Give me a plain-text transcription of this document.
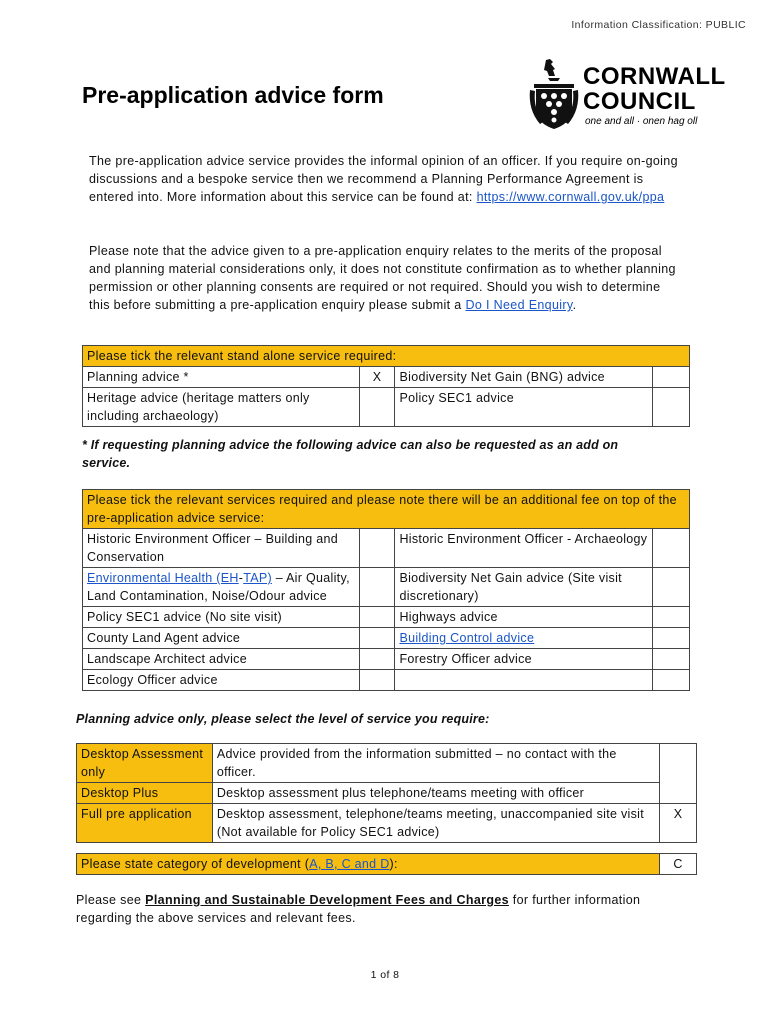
Information Classification: PUBLIC
Pre-application advice form
CORNWALL
COUNCIL
one and all · onen hag oll

The pre-application advice service provides the informal opinion of an officer. If you require on-going discussions and a bespoke service then we recommend a Planning Performance Agreement is entered into. More information about this service can be found at: https://www.cornwall.gov.uk/ppa

Please note that the advice given to a pre-application enquiry relates to the merits of the proposal and planning material considerations only, it does not constitute confirmation as to whether planning permission or other planning consents are required or not required. Should you wish to determine this before submitting a pre-application enquiry please submit a Do I Need Enquiry.

Please tick the relevant stand alone service required:			
Planning advice *	X	Biodiversity Net Gain (BNG) advice	
Heritage advice (heritage matters only including archaeology)		Policy SEC1 advice	

* If requesting planning advice the following advice can also be requested as an add on service.

Please tick the relevant services required and please note there will be an additional fee on top of the pre-application advice service:			
Historic Environment Officer – Building and Conservation		Historic Environment Officer - Archaeology	
Environmental Health (EH-TAP) – Air Quality, Land Contamination, Noise/Odour advice		Biodiversity Net Gain advice (Site visit discretionary)	
Policy SEC1 advice (No site visit)		Highways advice	
County Land Agent advice		Building Control advice	
Landscape Architect advice		Forestry Officer advice	
Ecology Officer advice			

Planning advice only, please select the level of service you require:

Desktop Assessment only	Advice provided from the information submitted – no contact with the officer.	
Desktop Plus	Desktop assessment plus telephone/teams meeting with officer	
Full pre application	Desktop assessment, telephone/teams meeting, unaccompanied site visit (Not available for Policy SEC1 advice)	X
Please state category of development (A, B, C and D):	C

Please see Planning and Sustainable Development Fees and Charges for further information regarding the above services and relevant fees.

1 of 8
